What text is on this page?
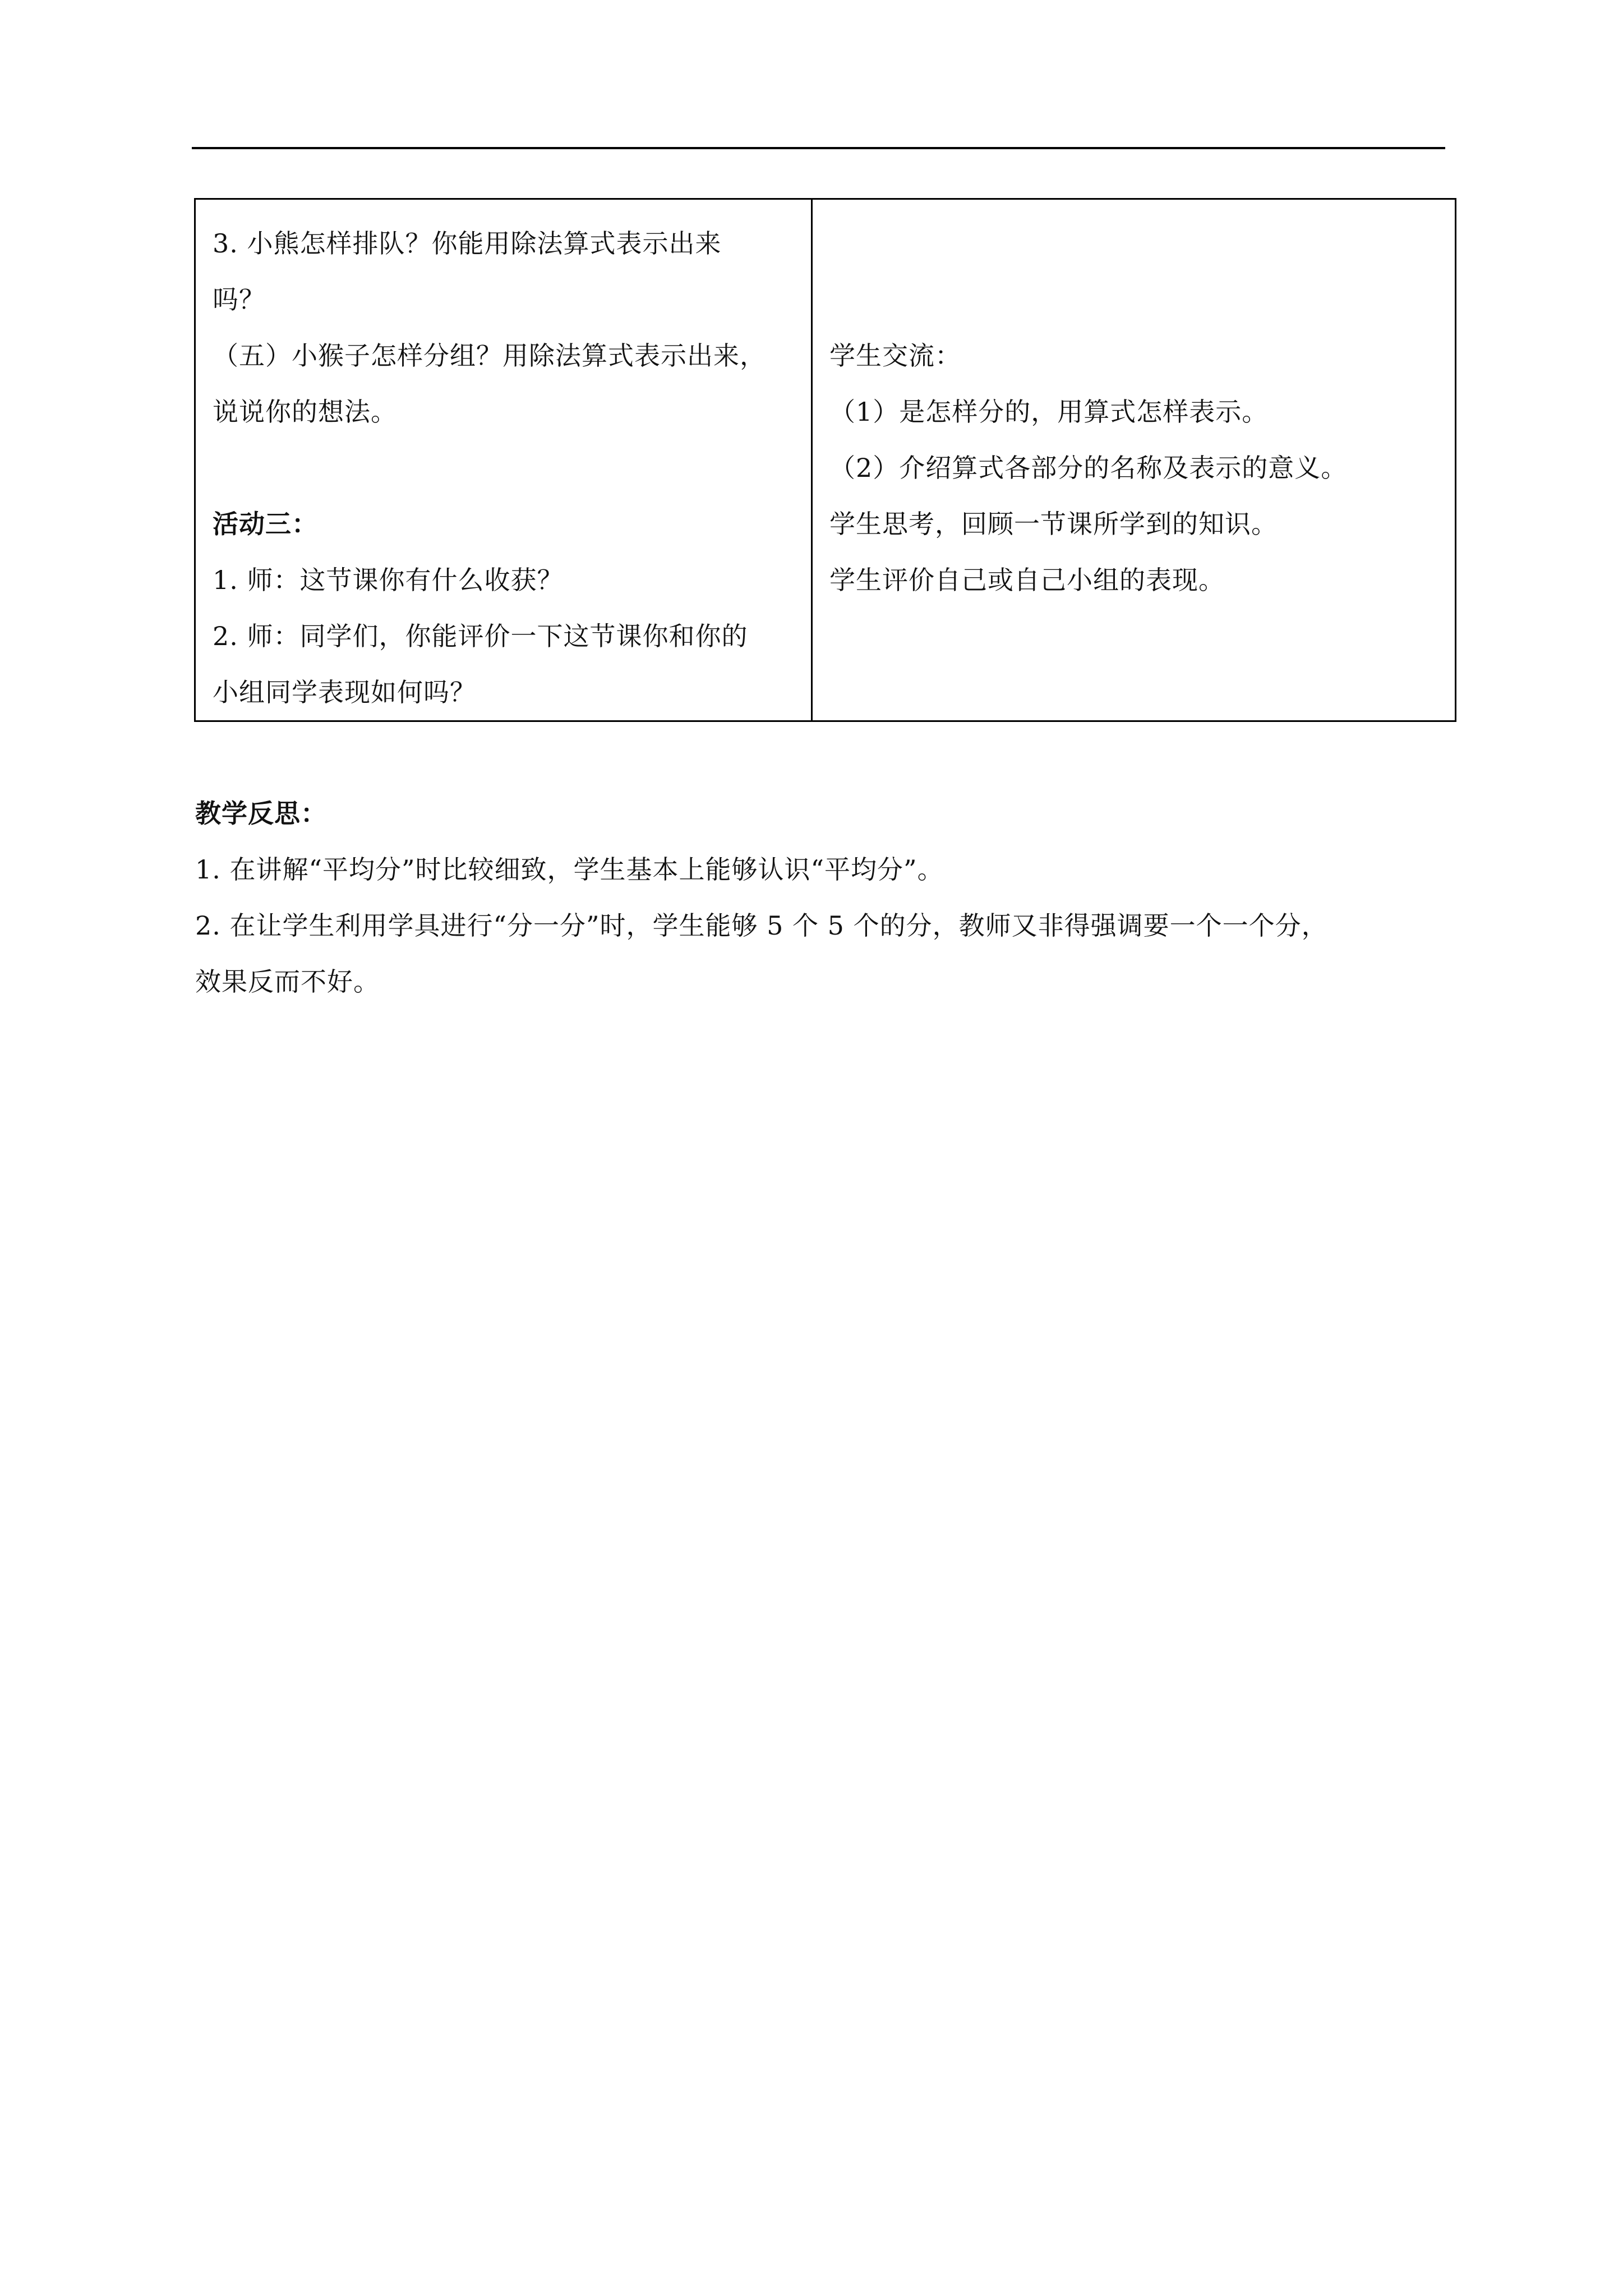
3. 小熊怎样排队？你能用除法算式表示出来
吗？
（五）小猴子怎样分组？用除法算式表示出来，
说说你的想法。
活动三：
1. 师：这节课你有什么收获？
2. 师：同学们，你能评价一下这节课你和你的
小组同学表现如何吗？

学生交流：
（1）是怎样分的，用算式怎样表示。
（2）介绍算式各部分的名称及表示的意义。
学生思考，回顾一节课所学到的知识。
学生评价自己或自己小组的表现。
教学反思：
1. 在讲解“平均分”时比较细致，学生基本上能够认识“平均分”。
2. 在让学生利用学具进行“分一分”时，学生能够 5 个 5 个的分，教师又非得强调要一个一个分，
效果反而不好。
